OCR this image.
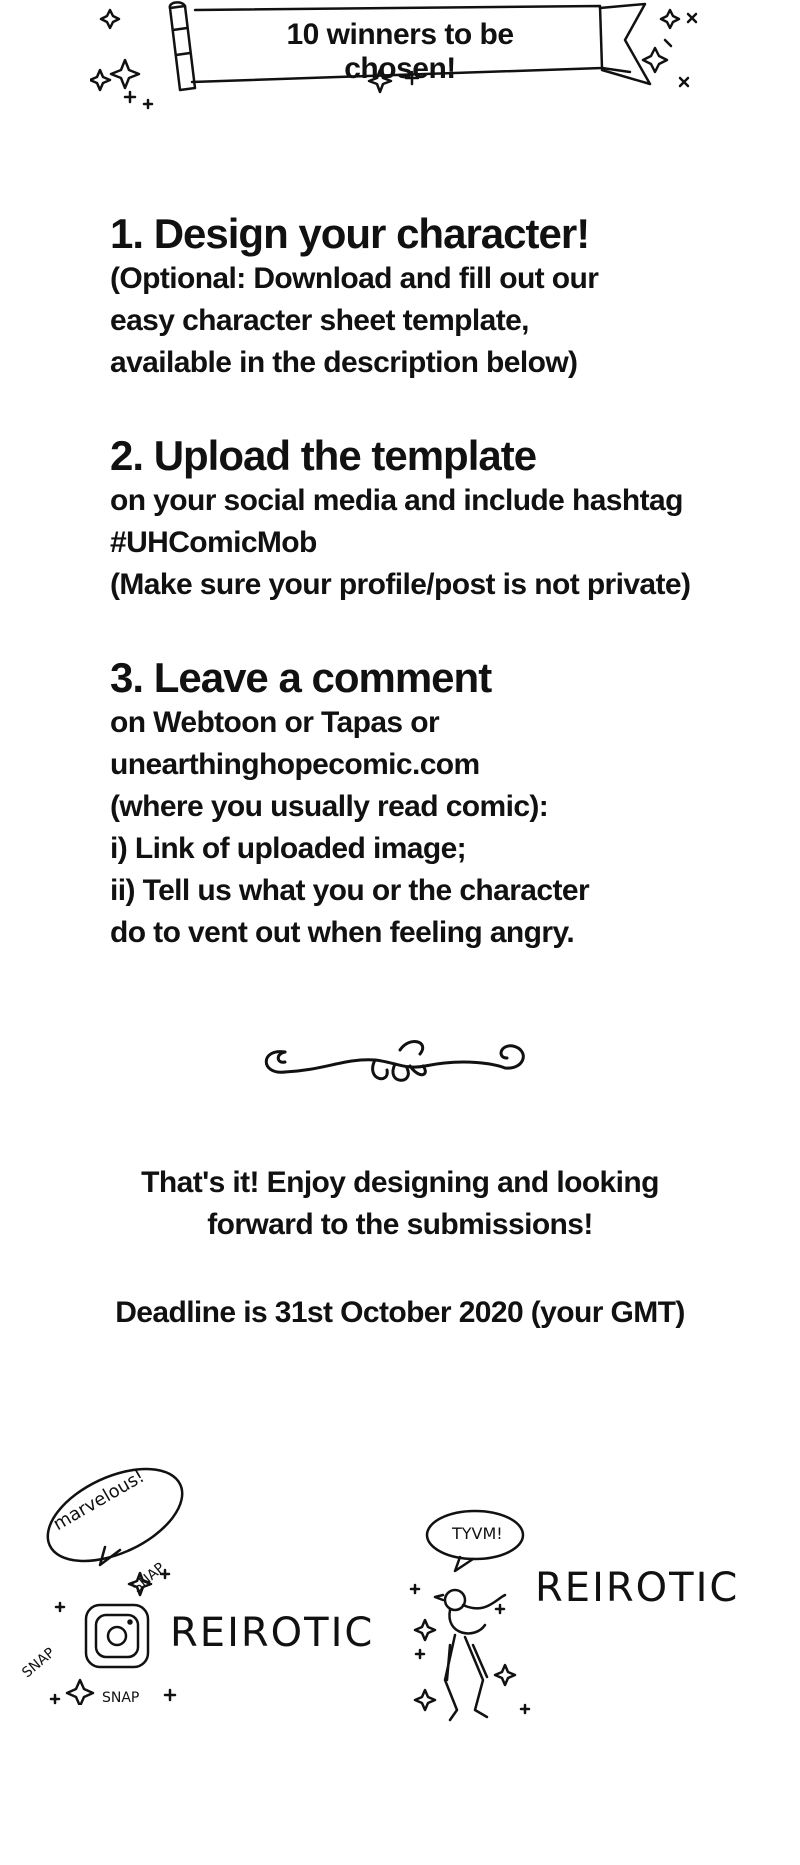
10 winners to be chosen!
1. Design your character!

(Optional: Download and fill out our

easy character sheet template,

available in the description below)

2. Upload the template

on your social media and include hashtag

#UHComicMob

(Make sure your profile/post is not private)

3. Leave a comment

on Webtoon or Tapas or

unearthinghopecomic.com

(where you usually read comic):

i) Link of uploaded image;

ii) Tell us what you or the character

do to vent out when feeling angry.

That's it! Enjoy designing and looking
forward to the submissions!
Deadline is 31st October 2020 (your GMT)
marvelous!
SNAP
SNAP
SNAP
REIROTIC
TYVM!
REIROTIC
